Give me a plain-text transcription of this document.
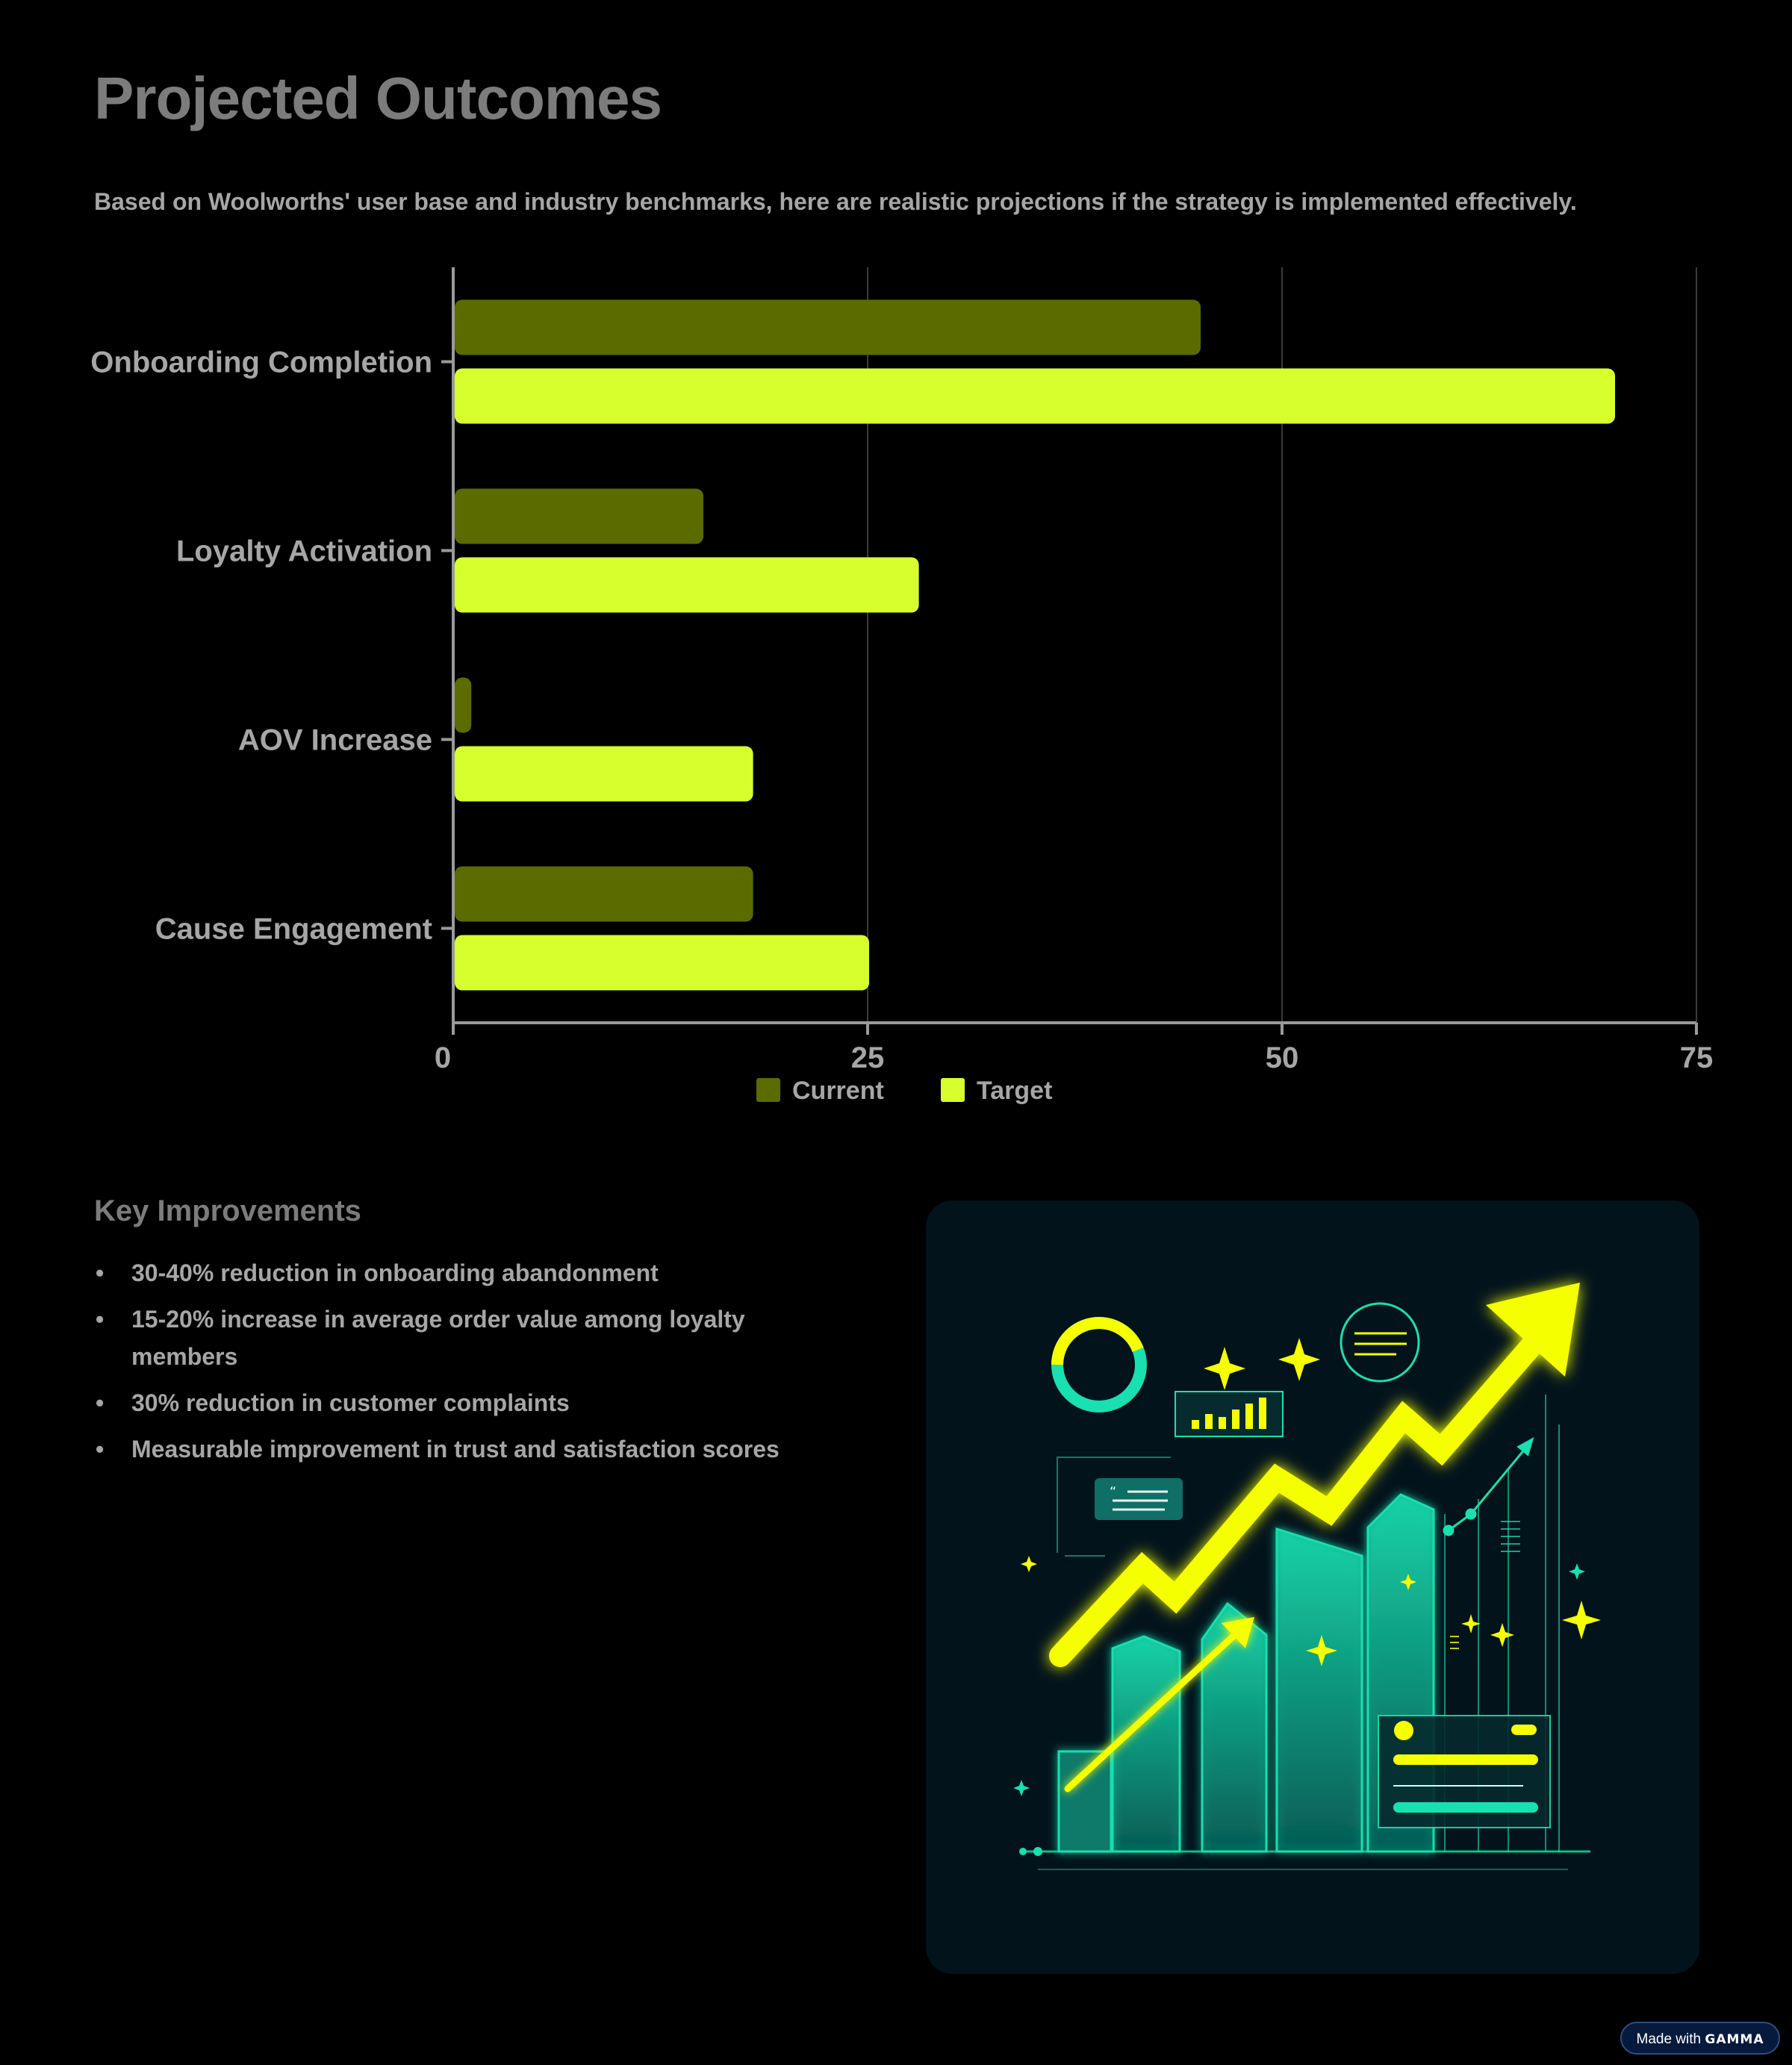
Projected Outcomes

Based on Woolworths' user base and industry benchmarks, here are realistic projections if the strategy is implemented effectively.

0	25	50	75
Onboarding Completion
Loyalty Activation
AOV Increase
Cause Engagement
Current	Target
Key Improvements
• 30-40% reduction in onboarding abandonment
• 15-20% increase in average order value among loyalty members
• 30% reduction in customer complaints
• Measurable improvement in trust and satisfaction scores
“
Made with GAMMA
